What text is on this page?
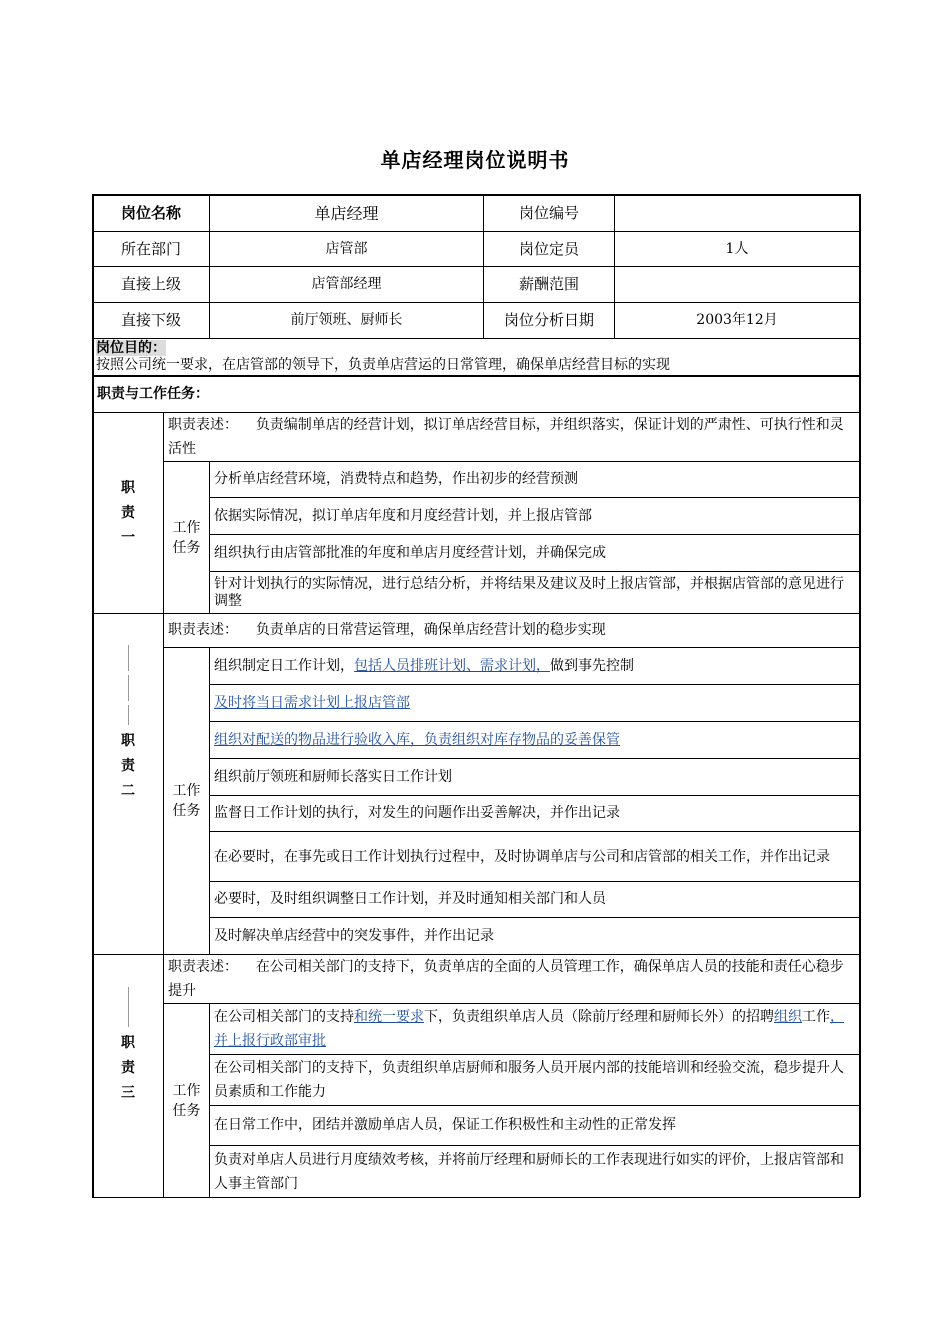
单店经理岗位说明书
岗位名称		单店经理	岗位编号	
所在部门		店管部	岗位定员	1人
直接上级		店管部经理	薪酬范围	
直接下级		前厅领班、厨师长	岗位分析日期	2003年12月
岗位目的：
按照公司统一要求，在店管部的领导下，负责单店营运的日常管理，确保单店经营目标的实现				
职责与工作任务：				

职
责
一	职责表述： 负责编制单店的经营计划，拟订单店经营目标，并组织落实，保证计划的严肃性、可执行性和灵活性			

	工作
任务	分析单店经营环境，消费特点和趋势，作出初步的经营预测		
		依据实际情况，拟订单店年度和月度经营计划，并上报店管部		
		组织执行由店管部批准的年度和单店月度经营计划，并确保完成		
		针对计划执行的实际情况，进行总结分析，并将结果及建议及时上报店管部，并根据店管部的意见进行调整		

职
责
二	职责表述： 负责单店的日常营运管理，确保单店经营计划的稳步实现			

	工作
任务	组织制定日工作计划，包括人员排班计划、需求计划，做到事先控制		
		及时将当日需求计划上报店管部		
		组织对配送的物品进行验收入库，负责组织对库存物品的妥善保管		
		组织前厅领班和厨师长落实日工作计划		
		监督日工作计划的执行，对发生的问题作出妥善解决，并作出记录		
		在必要时，在事先或日工作计划执行过程中，及时协调单店与公司和店管部的相关工作，并作出记录		
		必要时，及时组织调整日工作计划，并及时通知相关部门和人员		
		及时解决单店经营中的突发事件，并作出记录		

职
责
三	职责表述： 在公司相关部门的支持下，负责单店的全面的人员管理工作，确保单店人员的技能和责任心稳步提升			

	工作
任务	在公司相关部门的支持和统一要求下，负责组织单店人员（除前厅经理和厨师长外）的招聘组织工作，并上报行政部审批		
		在公司相关部门的支持下，负责组织单店厨师和服务人员开展内部的技能培训和经验交流，稳步提升人员素质和工作能力		
		在日常工作中，团结并激励单店人员，保证工作积极性和主动性的正常发挥		
		负责对单店人员进行月度绩效考核，并将前厅经理和厨师长的工作表现进行如实的评价，上报店管部和人事主管部门		
